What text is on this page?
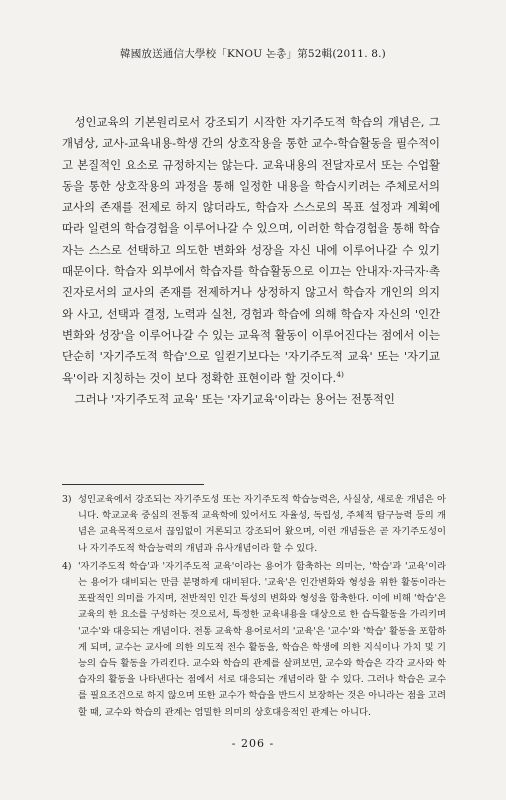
韓國放送通信大學校「KNOU 논총」第52輯(2011. 8.)

성인교육의 기본원리로서 강조되기 시작한 자기주도적 학습의 개념은, 그 개념상, 교사-교육내용-학생 간의 상호작용을 통한 교수-학습활동을 필수적이고 본질적인 요소로 규정하지는 않는다. 교육내용의 전달자로서 또는 수업활동을 통한 상호작용의 과정을 통해 일정한 내용을 학습시키려는 주체로서의 교사의 존재를 전제로 하지 않더라도, 학습자 스스로의 목표 설정과 계획에 따라 일련의 학습경험을 이루어나갈 수 있으며, 이러한 학습경험을 통해 학습자는 스스로 선택하고 의도한 변화와 성장을 자신 내에 이루어나갈 수 있기 때문이다. 학습자 외부에서 학습자를 학습활동으로 이끄는 안내자·자극자·촉진자로서의 교사의 존재를 전제하거나 상정하지 않고서 학습자 개인의 의지와 사고, 선택과 결정, 노력과 실천, 경험과 학습에 의해 학습자 자신의 '인간 변화와 성장'을 이루어나갈 수 있는 교육적 활동이 이루어진다는 점에서 이는 단순히 '자기주도적 학습'으로 일컫기보다는 '자기주도적 교육' 또는 '자기교육'이라 지칭하는 것이 보다 정확한 표현이라 할 것이다.$^{4)}$

그러나 '자기주도적 교육' 또는 '자기교육'이라는 용어는 전통적인

3) 성인교육에서 강조되는 자기주도성 또는 자기주도적 학습능력은, 사실상, 새로운 개념은 아니다. 학교교육 중심의 전통적 교육학에 있어서도 자율성, 독립성, 주체적 탐구능력 등의 개념은 교육목적으로서 끊임없이 거론되고 강조되어 왔으며, 이런 개념들은 곧 자기주도성이나 자기주도적 학습능력의 개념과 유사개념이라 할 수 있다.
4) '자기주도적 학습'과 '자기주도적 교육'이라는 용어가 함축하는 의미는, '학습'과 '교육'이라는 용어가 대비되는 만큼 분명하게 대비된다. '교육'은 인간변화와 형성을 위한 활동이라는 포괄적인 의미를 가지며, 전반적인 인간 특성의 변화와 형성을 함축한다. 이에 비해 '학습'은 교육의 한 요소를 구성하는 것으로서, 특정한 교육내용을 대상으로 한 습득활동을 가리키며 '교수'와 대응되는 개념이다. 전통 교육학 용어로서의 '교육'은 '교수'와 '학습' 활동을 포함하게 되며, 교수는 교사에 의한 의도적 전수 활동을, 학습은 학생에 의한 지식이나 가치 및 기능의 습득 활동을 가리킨다. 교수와 학습의 관계를 살펴보면, 교수와 학습은 각각 교사와 학습자의 활동을 나타낸다는 점에서 서로 대응되는 개념이라 할 수 있다. 그러나 학습은 교수를 필요조건으로 하지 않으며 또한 교수가 학습을 반드시 보장하는 것은 아니라는 점을 고려할 때, 교수와 학습의 관계는 엄밀한 의미의 상호대응적인 관계는 아니다.
- 206 -
